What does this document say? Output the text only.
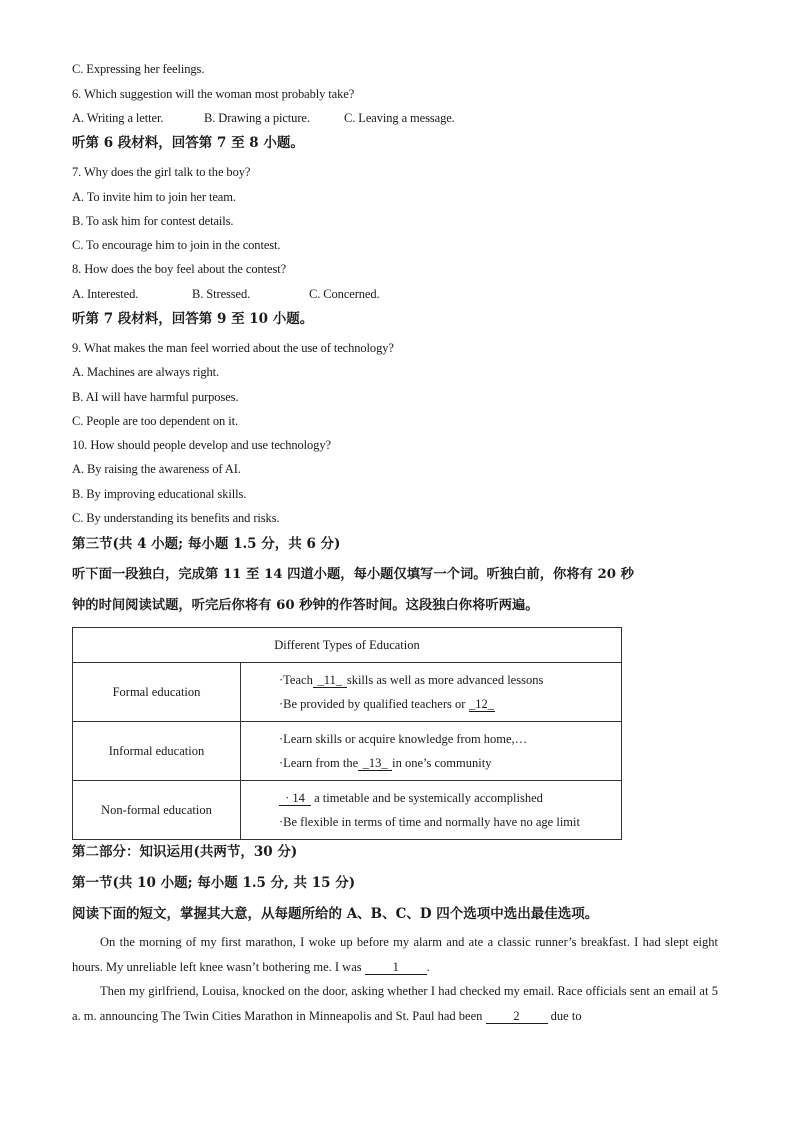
C. Expressing her feelings.
6. Which suggestion will the woman most probably take?
A. Writing a letter.	B. Drawing a picture.	C. Leaving a message.
听第 6 段材料，回答第 7 至 8 小题。
7. Why does the girl talk to the boy?
A. To invite him to join her team.
B. To ask him for contest details.
C. To encourage him to join in the contest.
8. How does the boy feel about the contest?
A. Interested.	B. Stressed.	C. Concerned.
听第 7 段材料，回答第 9 至 10 小题。
9. What makes the man feel worried about the use of technology?
A. Machines are always right.
B. AI will have harmful purposes.
C. People are too dependent on it.
10. How should people develop and use technology?
A. By raising the awareness of AI.
B. By improving educational skills.
C. By understanding its benefits and risks.
第三节(共 4 小题; 每小题 1.5 分，共 6 分)
听下面一段独白，完成第 11 至 14 四道小题，每小题仅填写一个词。听独白前，你将有 20 秒
钟的时间阅读试题，听完后你将有 60 秒钟的作答时间。这段独白你将听两遍。
Different Types of Education	
Formal education	·Teach _11_ skills as well as more advanced lessons
·Be provided by qualified teachers or _12_

Informal education	·Learn skills or acquire knowledge from home,…
·Learn from the _13_ in one’s community

Non-formal education	· 14 a timetable and be systemically accomplished
·Be flexible in terms of time and normally have no age limit
第二部分：知识运用(共两节，30 分)
第一节(共 10 小题; 每小题 1.5 分, 共 15 分)
阅读下面的短文，掌握其大意，从每题所给的 A、B、C、D 四个选项中选出最佳选项。
On the morning of my first marathon, I woke up before my alarm and ate a classic runner’s breakfast. I had slept eight hours. My unreliable left knee wasn’t bothering me. I was 1 .
Then my girlfriend, Louisa, knocked on the door, asking whether I had checked my email. Race officials sent an email at 5 a. m. announcing The Twin Cities Marathon in Minneapolis and St. Paul had been 2 due to
